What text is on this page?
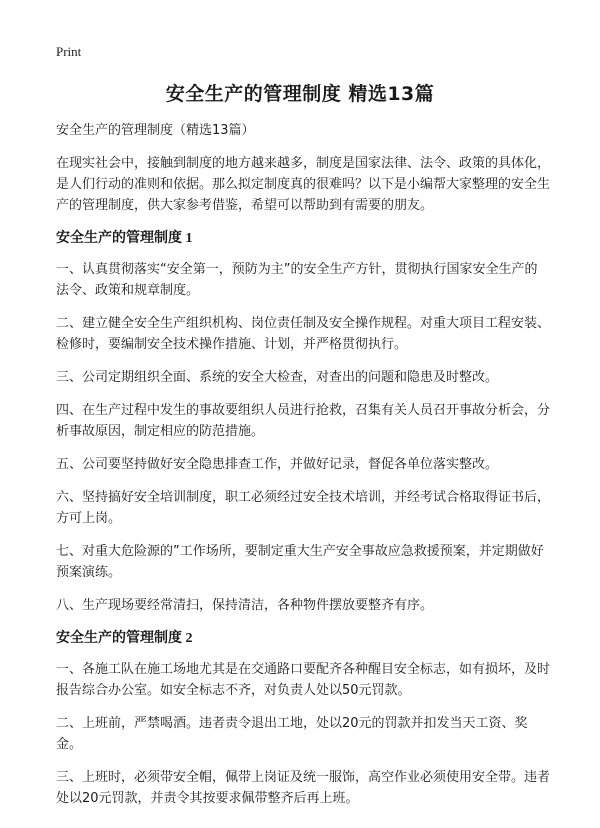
Print
安全生产的管理制度 精选13篇

安全生产的管理制度（精选13篇）

在现实社会中，接触到制度的地方越来越多，制度是国家法律、法令、政策的具体化，是人们行动的准则和依据。那么拟定制度真的很难吗？以下是小编帮大家整理的安全生产的管理制度，供大家参考借鉴，希望可以帮助到有需要的朋友。

安全生产的管理制度 1

一、认真贯彻落实“安全第一，预防为主”的安全生产方针，贯彻执行国家安全生产的法令、政策和规章制度。

二、建立健全安全生产组织机构、岗位责任制及安全操作规程。对重大项目工程安装、检修时，要编制安全技术操作措施、计划，并严格贯彻执行。

三、公司定期组织全面、系统的安全大检查，对查出的问题和隐患及时整改。

四、在生产过程中发生的事故要组织人员进行抢救，召集有关人员召开事故分析会，分析事故原因，制定相应的防范措施。

五、公司要坚持做好安全隐患排查工作，并做好记录，督促各单位落实整改。

六、坚持搞好安全培训制度，职工必须经过安全技术培训，并经考试合格取得证书后，方可上岗。

七、对重大危险源的”工作场所，要制定重大生产安全事故应急救援预案，并定期做好预案演练。

八、生产现场要经常清扫，保持清洁，各种物件摆放要整齐有序。

安全生产的管理制度 2

一、各施工队在施工场地尤其是在交通路口要配齐各种醒目安全标志，如有损坏，及时报告综合办公室。如安全标志不齐，对负责人处以50元罚款。

二、上班前，严禁喝酒。违者责令退出工地，处以20元的罚款并扣发当天工资、奖金。

三、上班时，必须带安全帽，佩带上岗证及统一服饰，高空作业必须使用安全带。违者处以20元罚款，并责令其按要求佩带整齐后再上班。
